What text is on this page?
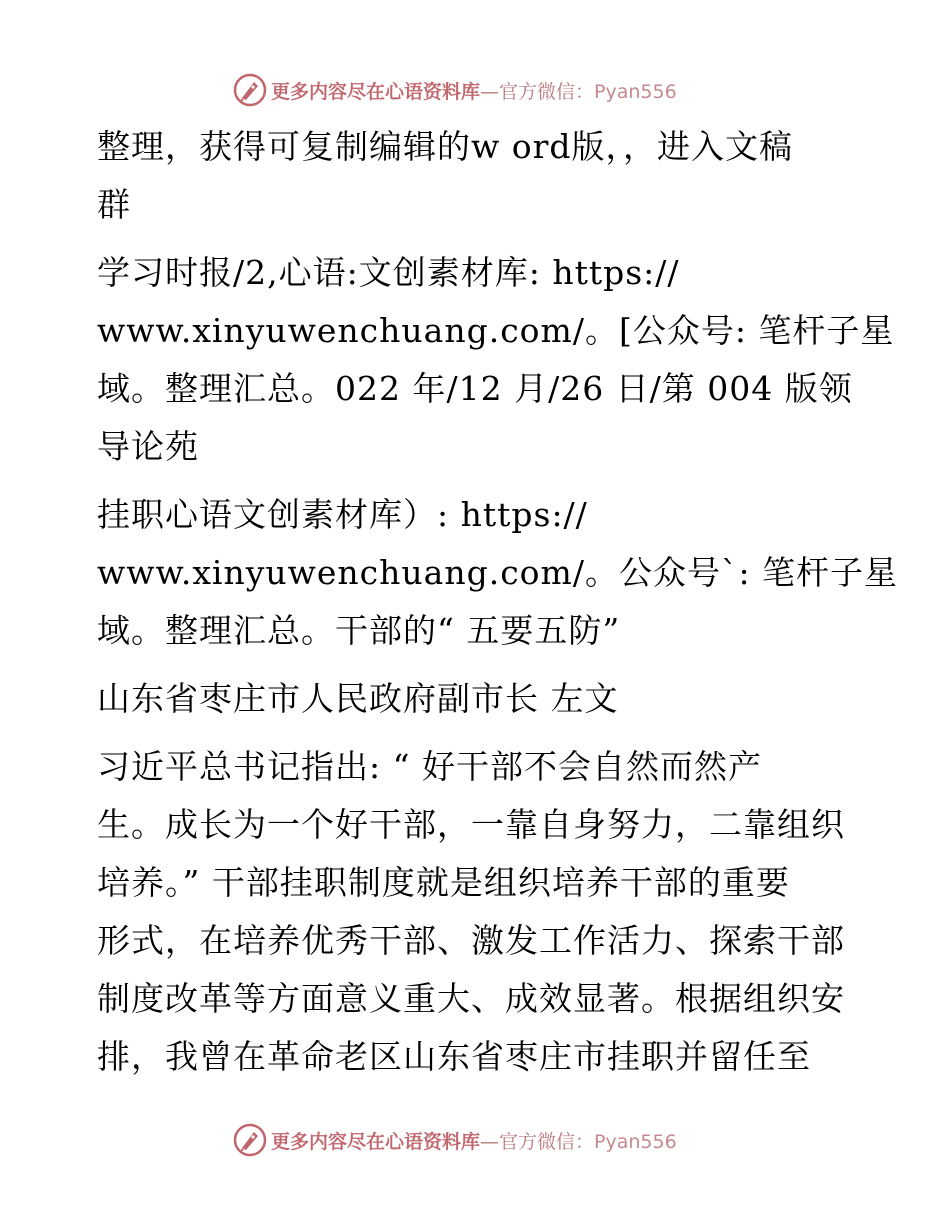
更多内容尽在心语资料库—官方微信：Pyan556
整理，获得可复制编辑的w ord版，，进入文稿
群
学习时报/2,心语:文创素材库: https://
www.xinyuwenchuang.com/。[公众号: 笔杆子星
域。整理汇总。022 年/12 月/26 日/第 004 版领
导论苑
挂职心语文创素材库）: https://
www.xinyuwenchuang.com/。公众号`: 笔杆子星
域。整理汇总。干部的“ 五要五防”
山东省枣庄市人民政府副市长 左文
习近平总书记指出: “ 好干部不会自然而然产
生。成长为一个好干部，一靠自身努力，二靠组织
培养。” 干部挂职制度就是组织培养干部的重要
形式，在培养优秀干部、激发工作活力、探索干部
制度改革等方面意义重大、成效显著。根据组织安
排，我曾在革命老区山东省枣庄市挂职并留任至
更多内容尽在心语资料库—官方微信：Pyan556
